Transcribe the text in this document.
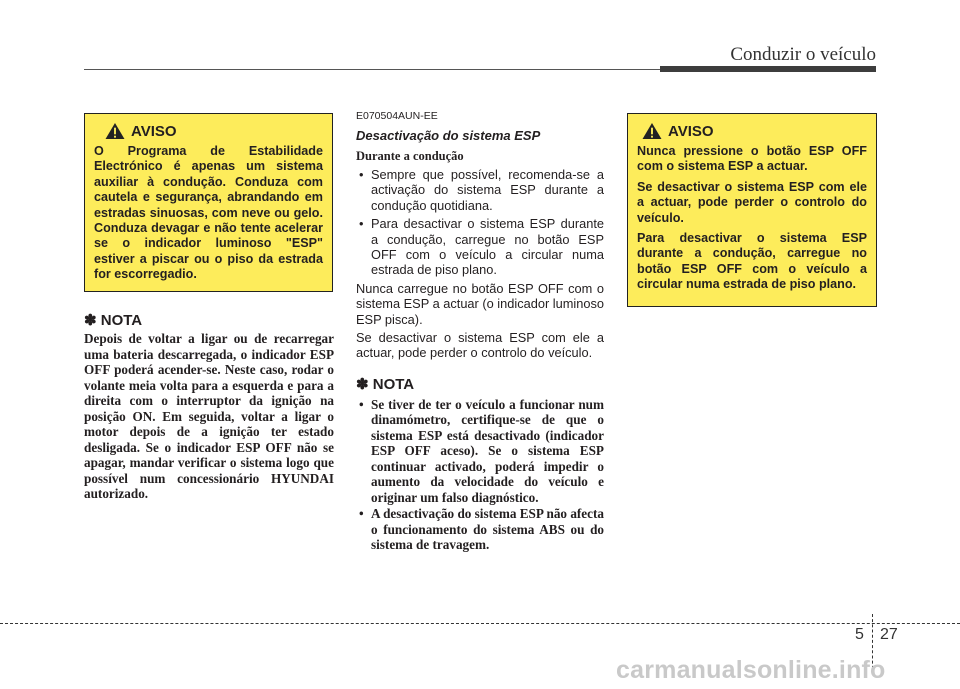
Conduzir o veículo
AVISO

O Programa de Estabilidade Electrónico é apenas um sistema auxiliar à condução. Conduza com cautela e segurança, abrandando em estradas sinuosas, com neve ou gelo. Conduza devagar e não tente acelerar se o indicador luminoso "ESP" estiver a piscar ou o piso da estrada for escorregadio.

✽ NOTA
Depois de voltar a ligar ou de recarregar uma bateria descarregada, o indicador ESP OFF poderá acender-se. Neste caso, rodar o volante meia volta para a esquerda e para a direita com o interruptor da ignição na posição ON. Em seguida, voltar a ligar o motor depois de a ignição ter estado desligada. Se o indicador ESP OFF não se apagar, mandar verificar o sistema logo que possível num concessionário HYUNDAI autorizado.
E070504AUN-EE
Desactivação do sistema ESP
Durante a condução
• Sempre que possível, recomenda-se a activação do sistema ESP durante a condução quotidiana.
• Para desactivar o sistema ESP durante a condução, carregue no botão ESP OFF com o veículo a circular numa estrada de piso plano.

Nunca carregue no botão ESP OFF com o sistema ESP a actuar (o indicador luminoso ESP pisca).

Se desactivar o sistema ESP com ele a actuar, pode perder o controlo do veículo.

✽ NOTA
• Se tiver de ter o veículo a funcionar num dinamómetro, certifique-se de que o sistema ESP está desactivado (indicador ESP OFF aceso). Se o sistema ESP continuar activado, poderá impedir o aumento da velocidade do veículo e originar um falso diagnóstico.
• A desactivação do sistema ESP não afecta o funcionamento do sistema ABS ou do sistema de travagem.
AVISO

Nunca pressione o botão ESP OFF com o sistema ESP a actuar.

Se desactivar o sistema ESP com ele a actuar, pode perder o controlo do veículo.

Para desactivar o sistema ESP durante a condução, carregue no botão ESP OFF com o veículo a circular numa estrada de piso plano.

5 27
carmanualsonline.info
